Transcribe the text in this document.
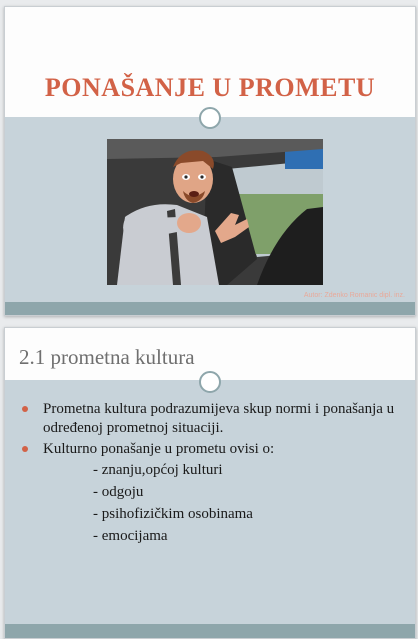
PONAŠANJE U PROMETU
Autor: Zdenko Romanic dipl. inz.
2.1 prometna kultura
Prometna kultura podrazumijeva skup normi i ponašanja u određenoj prometnoj situaciji.
Kulturno ponašanje u prometu ovisi o:
- znanju,općoj kulturi
- odgoju
- psihofizičkim osobinama
- emocijama
